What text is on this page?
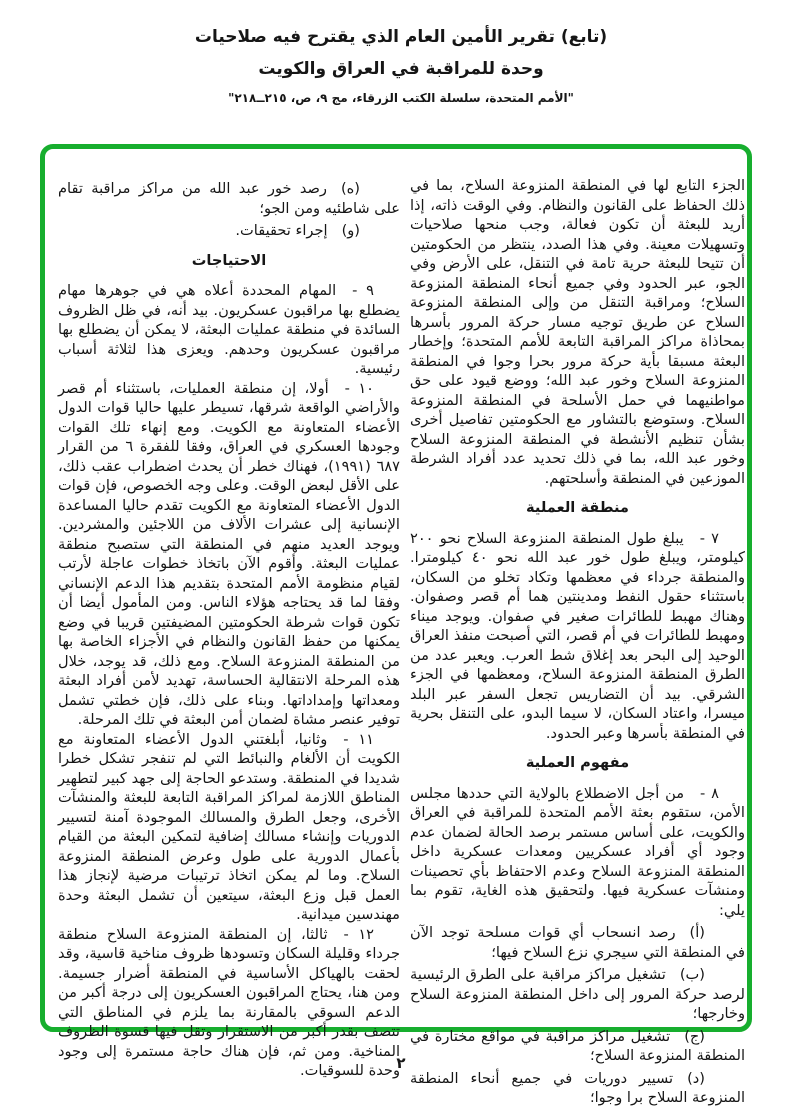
(تابع) تقرير الأمين العام الذي يقترح فيه صلاحيات

وحدة للمراقبة في العراق والكويت

"الأمم المتحدة، سلسلة الكتب الزرقاء، مج ٩، ص، ٢١٥ــ٢١٨"

الجزء التابع لها في المنطقة المنزوعة السلاح، بما في ذلك الحفاظ على القانون والنظام. وفي الوقت ذاته، إذا أريد للبعثة أن تكون فعالة، وجب منحها صلاحيات وتسهيلات معينة. وفي هذا الصدد، ينتظر من الحكومتين أن تتيحا للبعثة حرية تامة في التنقل، على الأرض وفي الجو، عبر الحدود وفي جميع أنحاء المنطقة المنزوعة السلاح؛ ومراقبة التنقل من وإلى المنطقة المنزوعة السلاح عن طريق توجيه مسار حركة المرور بأسرها بمحاذاة مراكز المراقبة التابعة للأمم المتحدة؛ وإخطار البعثة مسبقا بأية حركة مرور بحرا وجوا في المنطقة المنزوعة السلاح وخور عبد الله؛ ووضع قيود على حق مواطنيهما في حمل الأسلحة في المنطقة المنزوعة السلاح. وستوضع بالتشاور مع الحكومتين تفاصيل أخرى بشأن تنظيم الأنشطة في المنطقة المنزوعة السلاح وخور عبد الله، بما في ذلك تحديد عدد أفراد الشرطة الموزعين في المنطقة وأسلحتهم.

منطقة العملية

٧ -يبلغ طول المنطقة المنزوعة السلاح نحو ٢٠٠ كيلومتر، ويبلغ طول خور عبد الله نحو ٤٠ كيلومترا. والمنطقة جرداء في معظمها وتكاد تخلو من السكان، باستثناء حقول النفط ومدينتين هما أم قصر وصفوان. وهناك مهبط للطائرات صغير في صفوان. ويوجد ميناء ومهبط للطائرات في أم قصر، التي أصبحت منفذ العراق الوحيد إلى البحر بعد إغلاق شط العرب. ويعبر عدد من الطرق المنطقة المنزوعة السلاح، ومعظمها في الجزء الشرقي. بيد أن التضاريس تجعل السفر عبر البلد ميسرا، واعتاد السكان، لا سيما البدو، على التنقل بحرية في المنطقة بأسرها وعبر الحدود.

مفهوم العملية

٨ -من أجل الاضطلاع بالولاية التي حددها مجلس الأمن، ستقوم بعثة الأمم المتحدة للمراقبة في العراق والكويت، على أساس مستمر برصد الحالة لضمان عدم وجود أي أفراد عسكريين ومعدات عسكرية داخل المنطقة المنزوعة السلاح وعدم الاحتفاظ بأي تحصينات ومنشآت عسكرية فيها. ولتحقيق هذه الغاية، تقوم بما يلي:

(أ)رصد انسحاب أي قوات مسلحة توجد الآن في المنطقة التي سيجري نزع السلاح فيها؛

(ب)تشغيل مراكز مراقبة على الطرق الرئيسية لرصد حركة المرور إلى داخل المنطقة المنزوعة السلاح وخارجها؛

(ج)تشغيل مراكز مراقبة في مواقع مختارة في المنطقة المنزوعة السلاح؛

(د)تسيير دوريات في جميع أنحاء المنطقة المنزوعة السلاح برا وجوا؛

(ه)رصد خور عبد الله من مراكز مراقبة تقام على شاطئيه ومن الجو؛

(و)إجراء تحقيقات.

الاحتياجات

٩ -المهام المحددة أعلاه هي في جوهرها مهام يضطلع بها مراقبون عسكريون. بيد أنه، في ظل الظروف السائدة في منطقة عمليات البعثة، لا يمكن أن يضطلع بها مراقبون عسكريون وحدهم. ويعزى هذا لثلاثة أسباب رئيسية.

١٠ -أولا، إن منطقة العمليات، باستثناء أم قصر والأراضي الواقعة شرقها، تسيطر عليها حاليا قوات الدول الأعضاء المتعاونة مع الكويت. ومع إنهاء تلك القوات وجودها العسكري في العراق، وفقا للفقرة ٦ من القرار ٦٨٧ (١٩٩١)، فهناك خطر أن يحدث اضطراب عقب ذلك، على الأقل لبعض الوقت. وعلى وجه الخصوص، فإن قوات الدول الأعضاء المتعاونة مع الكويت تقدم حاليا المساعدة الإنسانية إلى عشرات الألاف من اللاجئين والمشردين. ويوجد العديد منهم في المنطقة التي ستصبح منطقة عمليات البعثة. وأقوم الآن باتخاذ خطوات عاجلة لأرتب لقيام منظومة الأمم المتحدة بتقديم هذا الدعم الإنساني وفقا لما قد يحتاجه هؤلاء الناس. ومن المأمول أيضا أن تكون قوات شرطة الحكومتين المضيفتين قريبا في وضع يمكنها من حفظ القانون والنظام في الأجزاء الخاصة بها من المنطقة المنزوعة السلاح. ومع ذلك، قد يوجد، خلال هذه المرحلة الانتقالية الحساسة، تهديد لأمن أفراد البعثة ومعداتها وإمداداتها. وبناء على ذلك، فإن خطتي تشمل توفير عنصر مشاة لضمان أمن البعثة في تلك المرحلة.

١١ -وثانيا، أبلغتني الدول الأعضاء المتعاونة مع الكويت أن الألغام والنبائط التي لم تنفجر تشكل خطرا شديدا في المنطقة. وستدعو الحاجة إلى جهد كبير لتطهير المناطق اللازمة لمراكز المراقبة التابعة للبعثة والمنشآت الأخرى، وجعل الطرق والمسالك الموجودة آمنة لتسيير الدوريات وإنشاء مسالك إضافية لتمكين البعثة من القيام بأعمال الدورية على طول وعرض المنطقة المنزوعة السلاح. وما لم يمكن اتخاذ ترتيبات مرضية لإنجاز هذا العمل قبل وزع البعثة، سيتعين أن تشمل البعثة وحدة مهندسين ميدانية.

١٢ -ثالثا، إن المنطقة المنزوعة السلاح منطقة جرداء وقليلة السكان وتسودها ظروف مناخية قاسية، وقد لحقت بالهياكل الأساسية في المنطقة أضرار جسيمة. ومن هنا، يحتاج المراقبون العسكريون إلى درجة أكبر من الدعم السوقي بالمقارنة بما يلزم في المناطق التي تتصف بقدر أكبر من الاستقرار وتقل فيها قسوة الظروف المناخية. ومن ثم، فإن هناك حاجة مستمرة إلى وجود وحدة للسوقيات.

٢
